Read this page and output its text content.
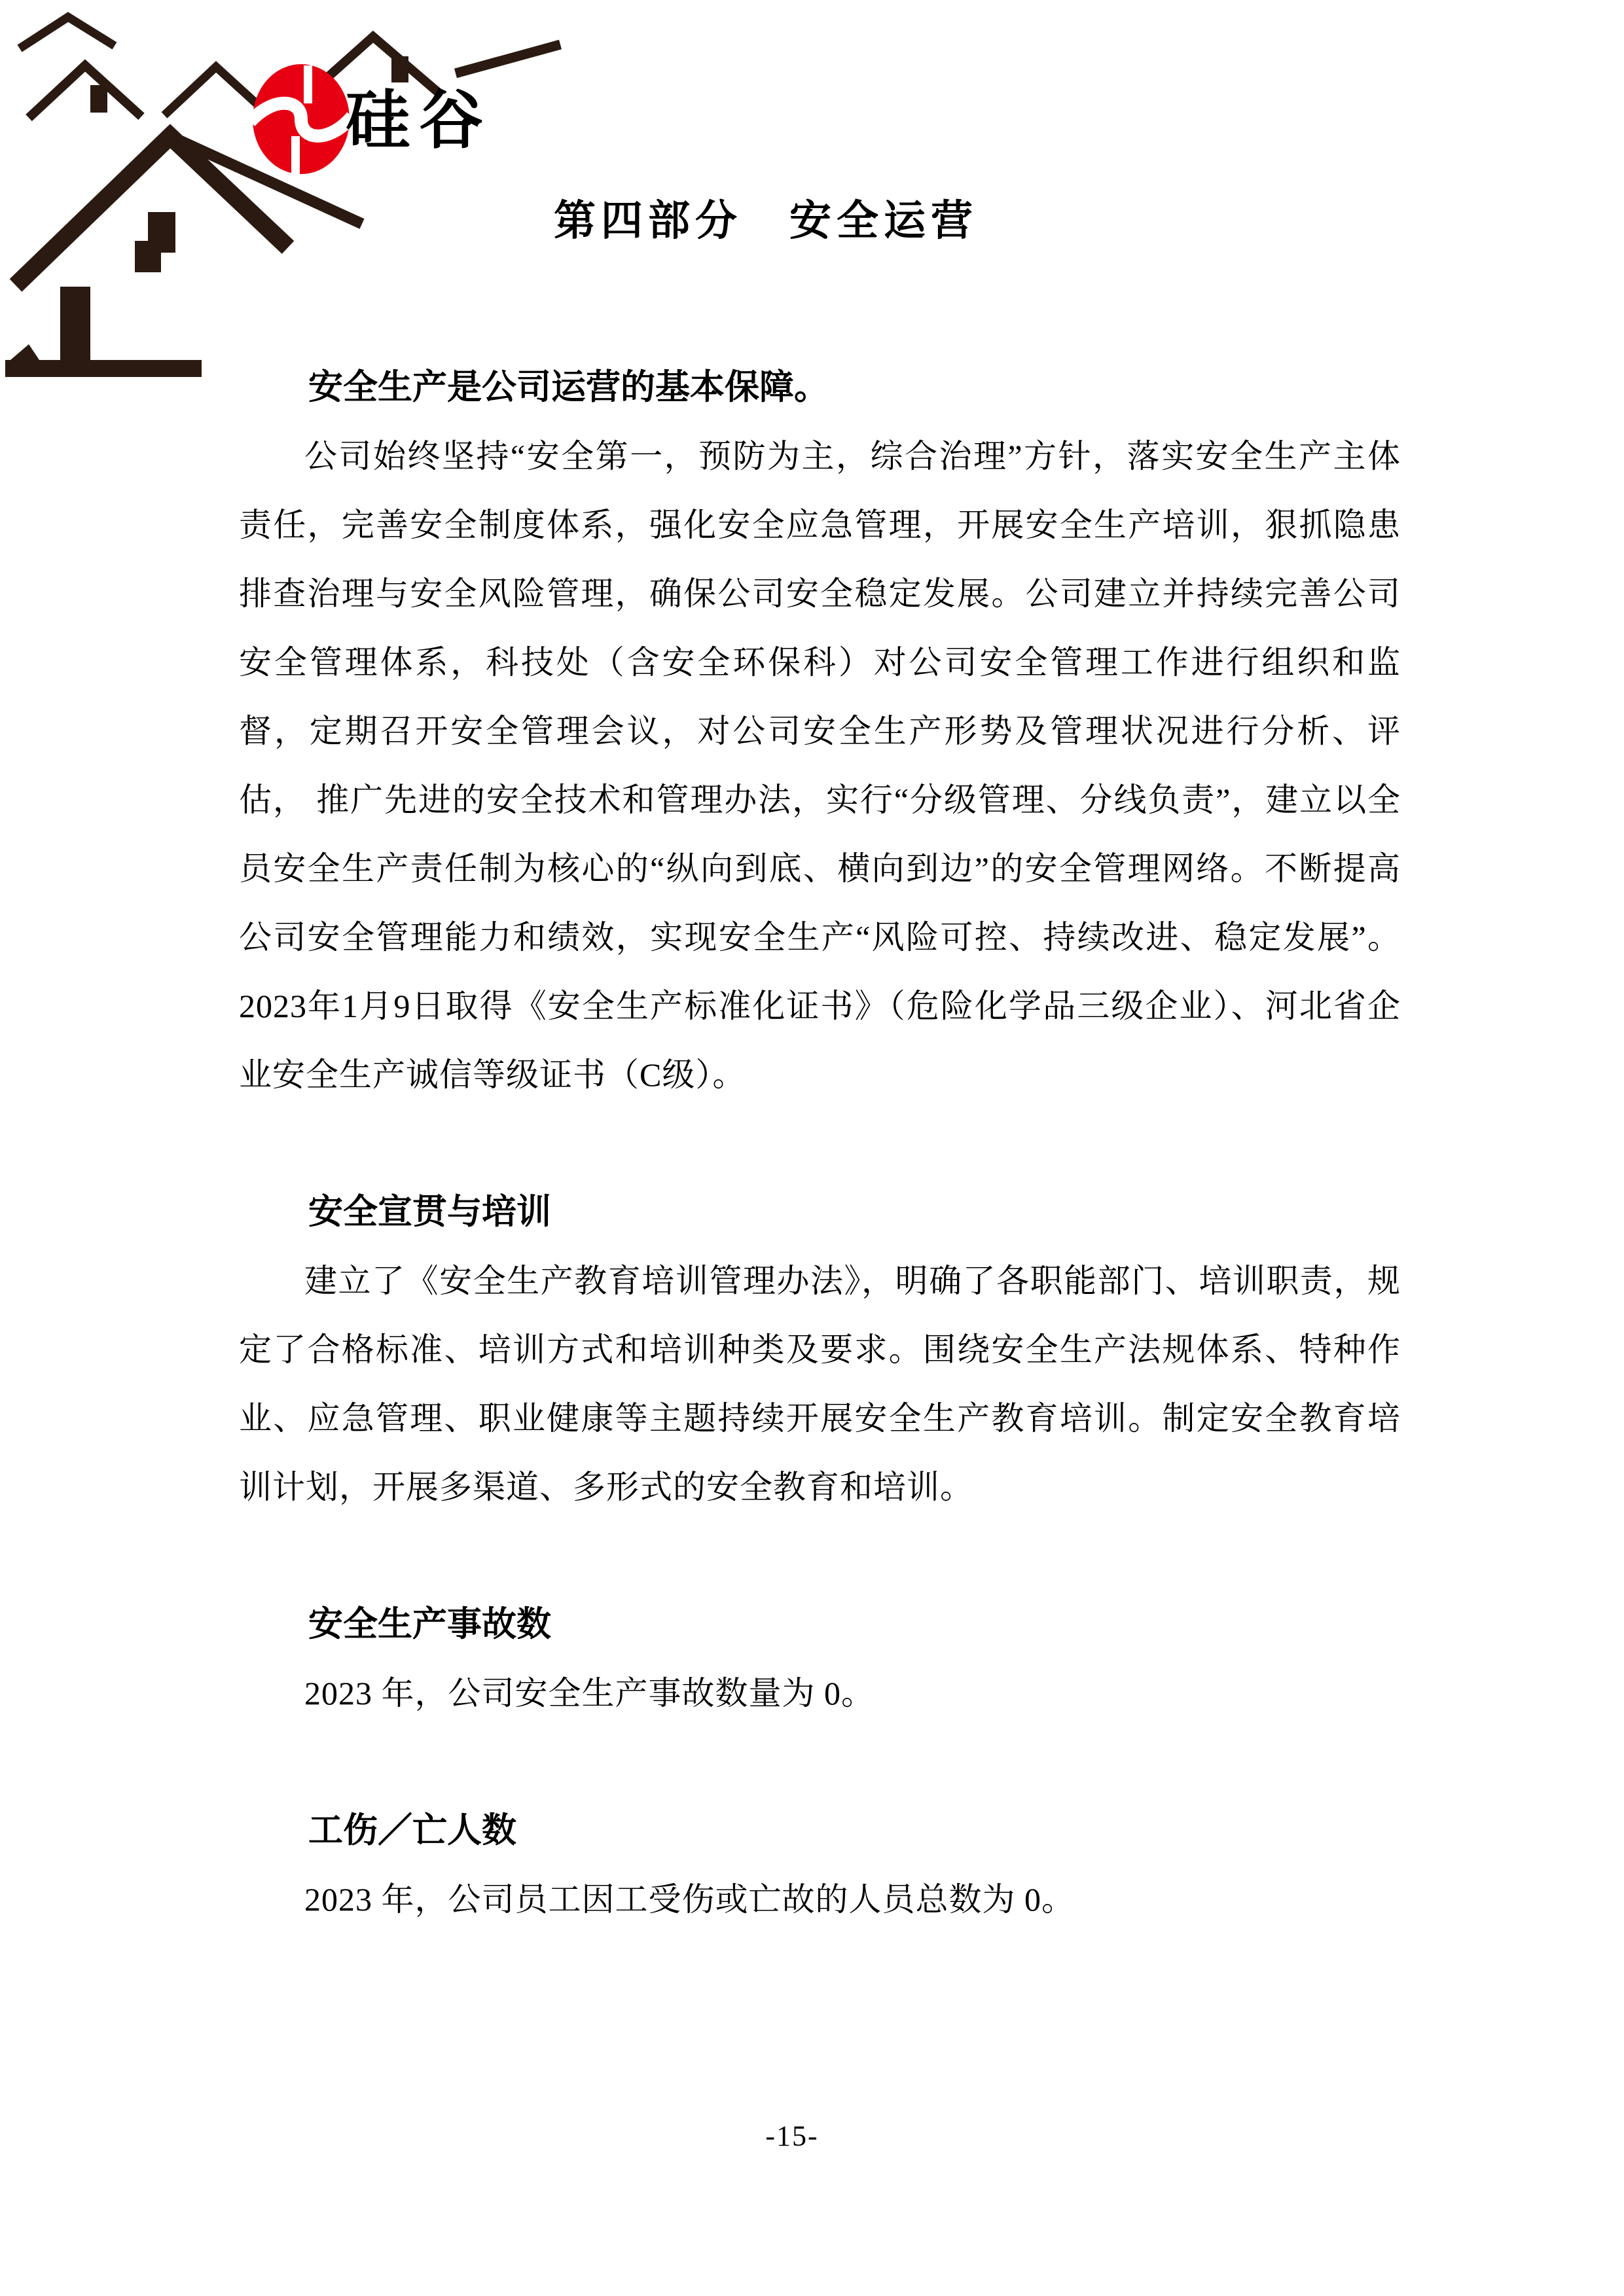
硅谷
第四部分　安全运营

安全生产是公司运营的基本保障。

公司始终坚持“安全第一，预防为主，综合治理”方针，落实安全生产主体责任，完善安全制度体系，强化安全应急管理，开展安全生产培训，狠抓隐患排查治理与安全风险管理，确保公司安全稳定发展。公司建立并持续完善公司安全管理体系，科技处（含安全环保科）对公司安全管理工作进行组织和监督，定期召开安全管理会议，对公司安全生产形势及管理状况进行分析、评估， 推广先进的安全技术和管理办法，实行“分级管理、分线负责”，建立以全员安全生产责任制为核心的“纵向到底、横向到边”的安全管理网络。不断提高公司安全管理能力和绩效，实现安全生产“风险可控、持续改进、稳定发展”。2023年1月9日取得《安全生产标准化证书》（危险化学品三级企业）、河北省企业安全生产诚信等级证书（C级）。

安全宣贯与培训

建立了《安全生产教育培训管理办法》，明确了各职能部门、培训职责，规定了合格标准、培训方式和培训种类及要求。围绕安全生产法规体系、特种作业、应急管理、职业健康等主题持续开展安全生产教育培训。制定安全教育培训计划，开展多渠道、多形式的安全教育和培训。

安全生产事故数

2023 年，公司安全生产事故数量为 0。

工伤／亡人数

2023 年，公司员工因工受伤或亡故的人员总数为 0。

-15-
